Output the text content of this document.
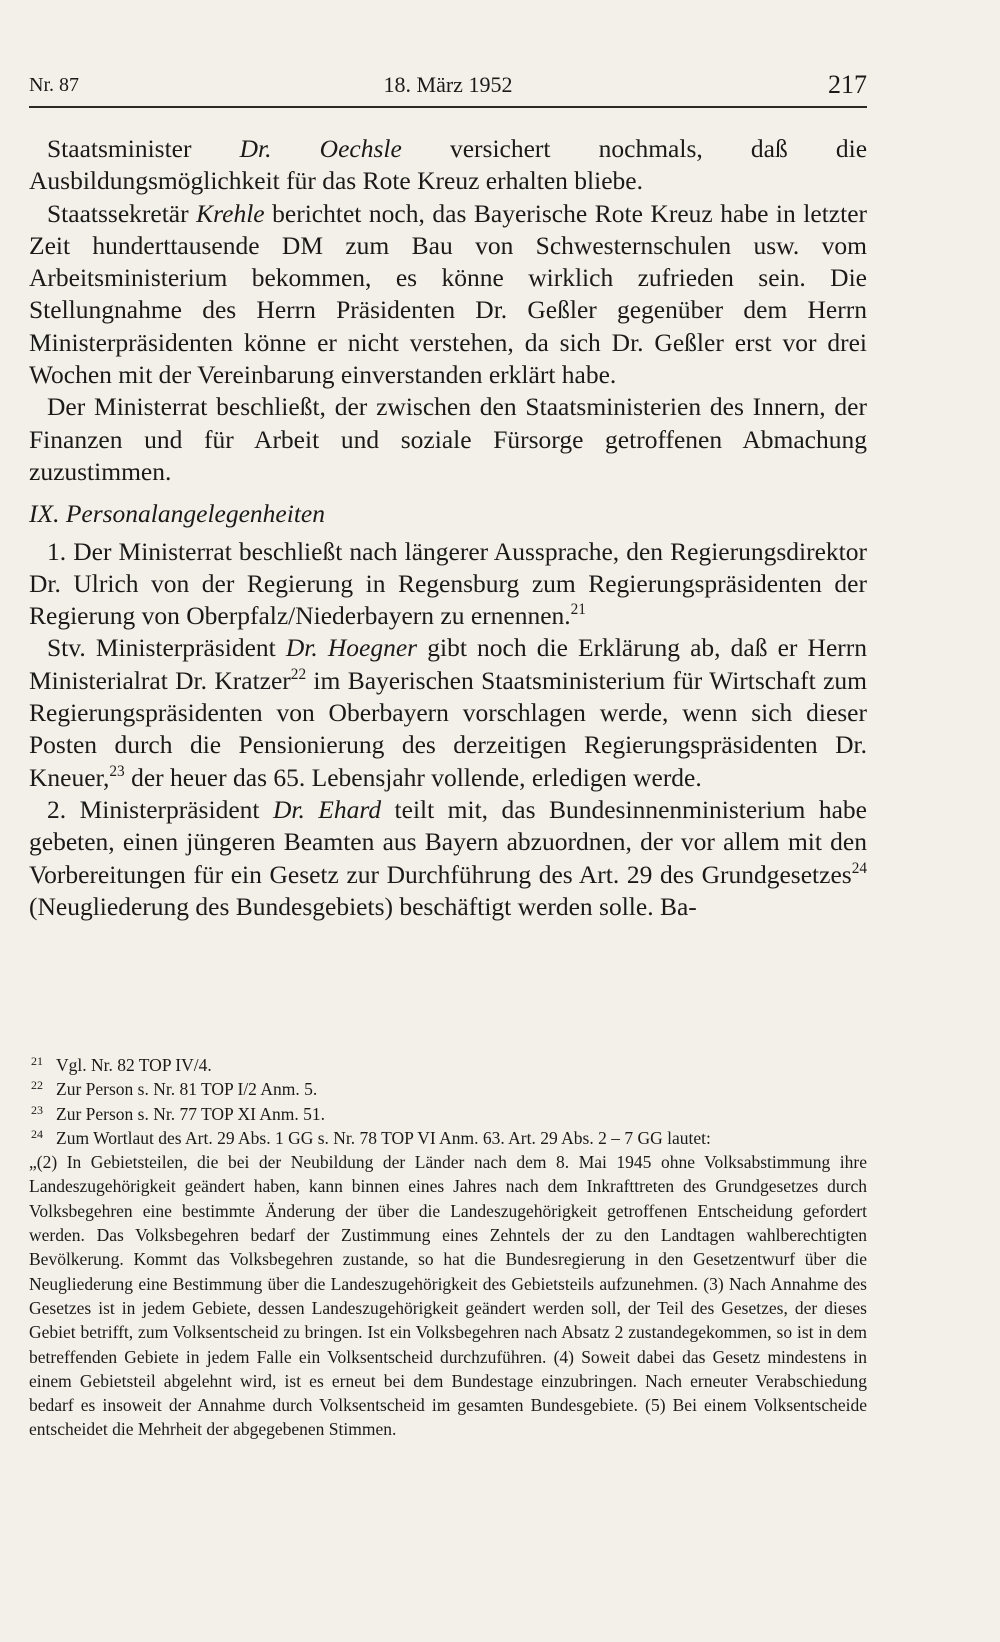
Nr. 87	18. März 1952	217

Staatsminister Dr. Oechsle versichert nochmals, daß die Ausbildungsmöglichkeit für das Rote Kreuz erhalten bliebe.

Staatssekretär Krehle berichtet noch, das Bayerische Rote Kreuz habe in letzter Zeit hunderttausende DM zum Bau von Schwesternschulen usw. vom Arbeitsministerium bekommen, es könne wirklich zufrieden sein. Die Stellungnahme des Herrn Präsidenten Dr. Geßler gegenüber dem Herrn Ministerpräsidenten könne er nicht verstehen, da sich Dr. Geßler erst vor drei Wochen mit der Vereinbarung einverstanden erklärt habe.

Der Ministerrat beschließt, der zwischen den Staatsministerien des Innern, der Finanzen und für Arbeit und soziale Fürsorge getroffenen Abmachung zuzustimmen.

IX. Personalangelegenheiten

1. Der Ministerrat beschließt nach längerer Aussprache, den Regierungsdirektor Dr. Ulrich von der Regierung in Regensburg zum Regierungspräsidenten der Regierung von Oberpfalz/Niederbayern zu ernennen.$^{21}$

Stv. Ministerpräsident Dr. Hoegner gibt noch die Erklärung ab, daß er Herrn Ministerialrat Dr. Kratzer$^{22}$ im Bayerischen Staatsministerium für Wirtschaft zum Regierungspräsidenten von Oberbayern vorschlagen werde, wenn sich dieser Posten durch die Pensionierung des derzeitigen Regierungspräsidenten Dr. Kneuer,$^{23}$ der heuer das 65. Lebensjahr vollende, erledigen werde.

2. Ministerpräsident Dr. Ehard teilt mit, das Bundesinnenministerium habe gebeten, einen jüngeren Beamten aus Bayern abzuordnen, der vor allem mit den Vorbereitungen für ein Gesetz zur Durchführung des Art. 29 des Grundgesetzes$^{24}$ (Neugliederung des Bundesgebiets) beschäftigt werden solle. Ba-

21 Vgl. Nr. 82 TOP IV/4.
22 Zur Person s. Nr. 81 TOP I/2 Anm. 5.
23 Zur Person s. Nr. 77 TOP XI Anm. 51.
24 Zum Wortlaut des Art. 29 Abs. 1 GG s. Nr. 78 TOP VI Anm. 63. Art. 29 Abs. 2 – 7 GG lautet:

„(2) In Gebietsteilen, die bei der Neubildung der Länder nach dem 8. Mai 1945 ohne Volksabstimmung ihre Landeszugehörigkeit geändert haben, kann binnen eines Jahres nach dem Inkrafttreten des Grundgesetzes durch Volksbegehren eine bestimmte Änderung der über die Landeszugehörigkeit getroffenen Entscheidung gefordert werden. Das Volksbegehren bedarf der Zustimmung eines Zehntels der zu den Landtagen wahlberechtigten Bevölkerung. Kommt das Volksbegehren zustande, so hat die Bundesregierung in den Gesetzentwurf über die Neugliederung eine Bestimmung über die Landeszugehörigkeit des Gebietsteils aufzunehmen. (3) Nach Annahme des Gesetzes ist in jedem Gebiete, dessen Landeszugehörigkeit geändert werden soll, der Teil des Gesetzes, der dieses Gebiet betrifft, zum Volksentscheid zu bringen. Ist ein Volksbegehren nach Absatz 2 zustandegekommen, so ist in dem betreffenden Gebiete in jedem Falle ein Volksentscheid durchzuführen. (4) Soweit dabei das Gesetz mindestens in einem Gebietsteil abgelehnt wird, ist es erneut bei dem Bundestage einzubringen. Nach erneuter Verabschiedung bedarf es insoweit der Annahme durch Volksentscheid im gesamten Bundesgebiete. (5) Bei einem Volksentscheide entscheidet die Mehrheit der abgegebenen Stimmen.
